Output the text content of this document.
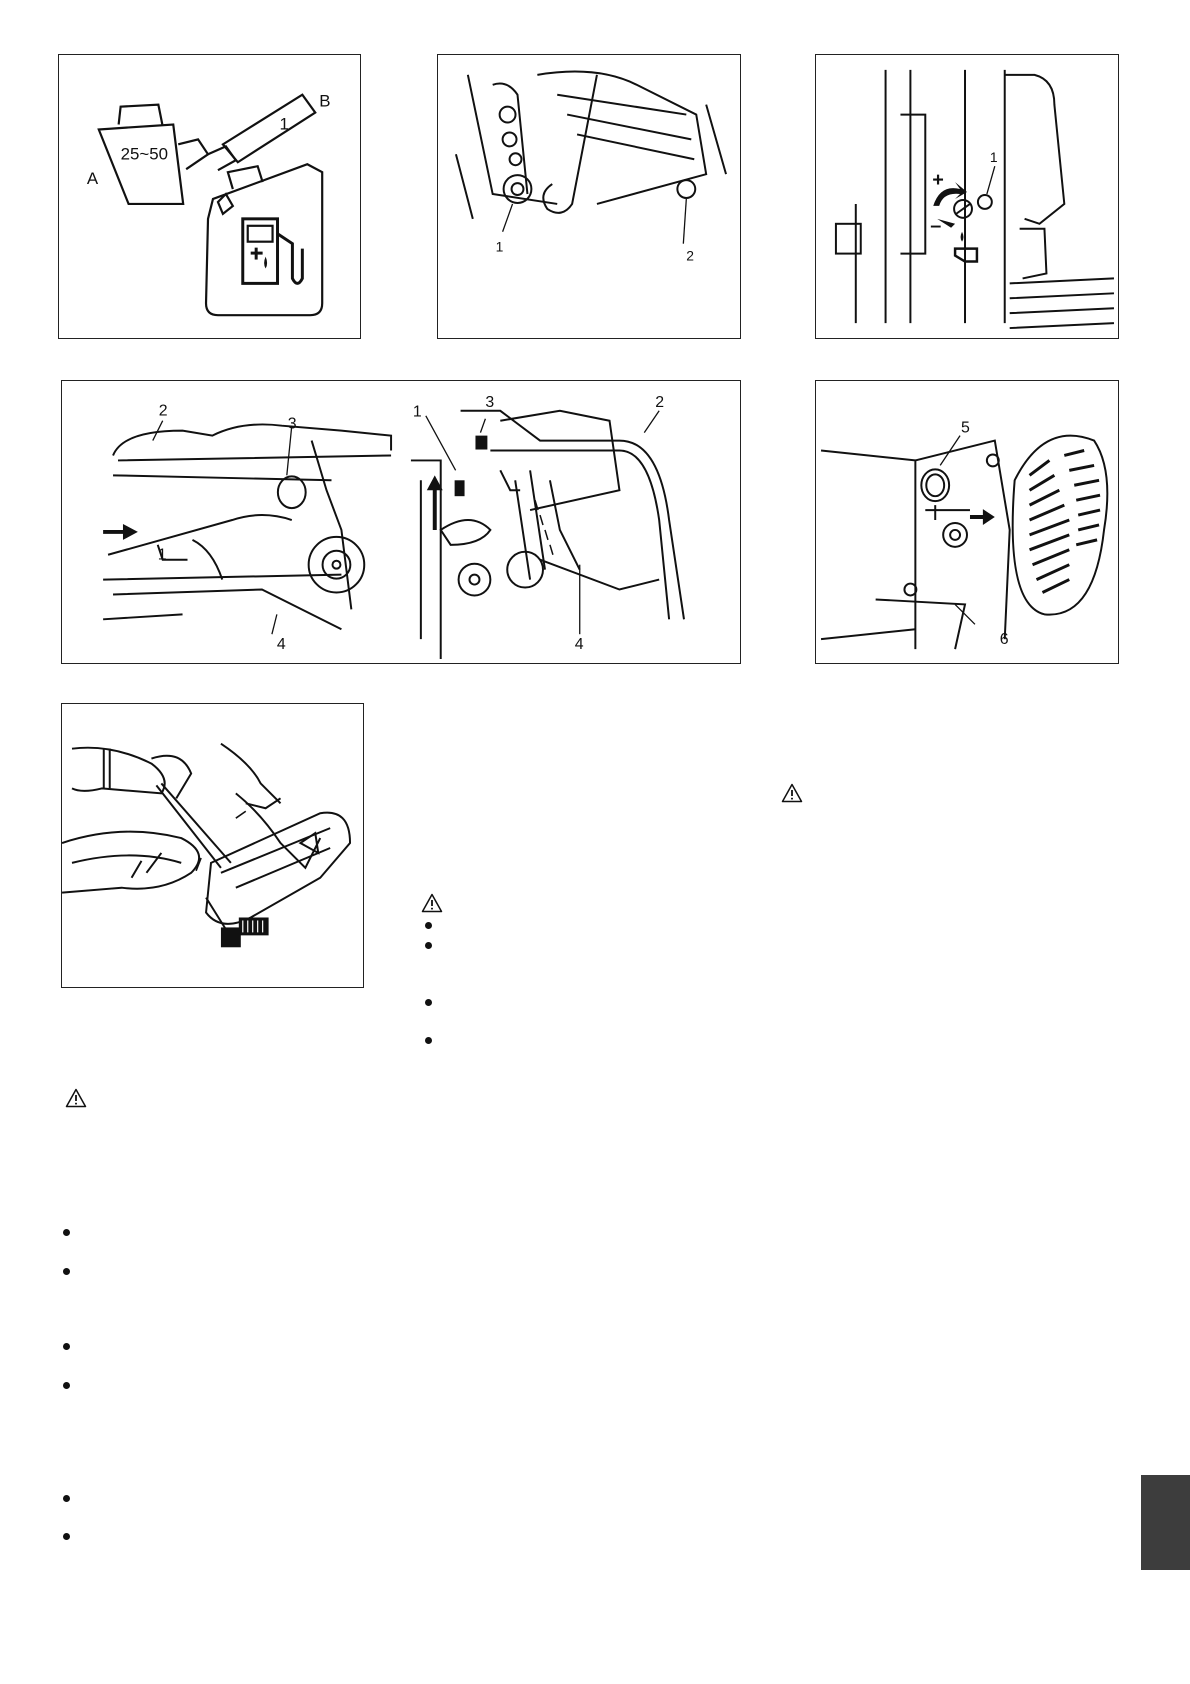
A
25~50
1
B
1
2
1
+
–
2
3
1
4
1
3	2
4
5
6
